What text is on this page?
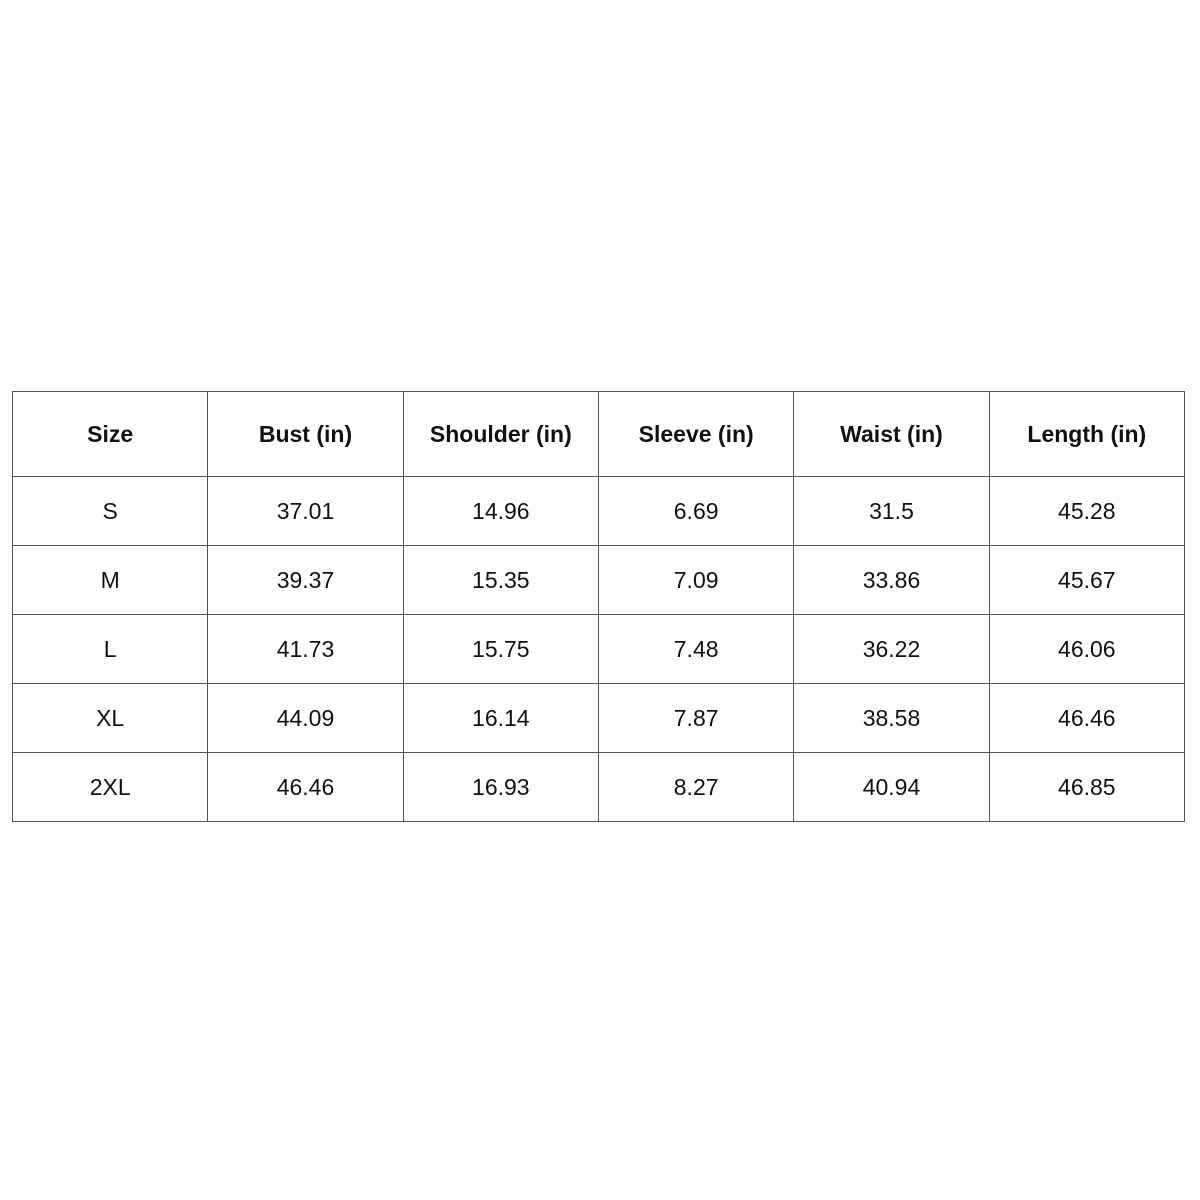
Size	Bust (in)	Shoulder (in)	Sleeve (in)	Waist (in)	Length (in)
S	37.01	14.96	6.69	31.5	45.28
M	39.37	15.35	7.09	33.86	45.67
L	41.73	15.75	7.48	36.22	46.06
XL	44.09	16.14	7.87	38.58	46.46
2XL	46.46	16.93	8.27	40.94	46.85
